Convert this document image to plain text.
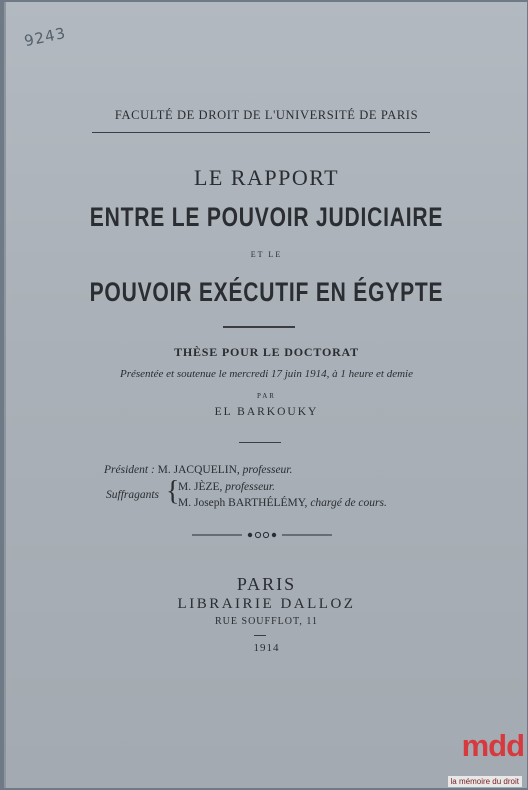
9243
FACULTÉ DE DROIT DE L'UNIVERSITÉ DE PARIS
LE RAPPORT
ENTRE LE POUVOIR JUDICIAIRE
ET LE
POUVOIR EXÉCUTIF EN ÉGYPTE
THÈSE POUR LE DOCTORAT
Présentée et soutenue le mercredi 17 juin 1914, à 1 heure et demie
PAR
EL BARKOUKY
Président : M. JACQUELIN, professeur.
Suffragants {
M. JÈZE, professeur.
M. Joseph BARTHÉLÉMY, chargé de cours.
PARIS
LIBRAIRIE DALLOZ
RUE SOUFFLOT, 11
1914
mdd
la mémoire du droit
